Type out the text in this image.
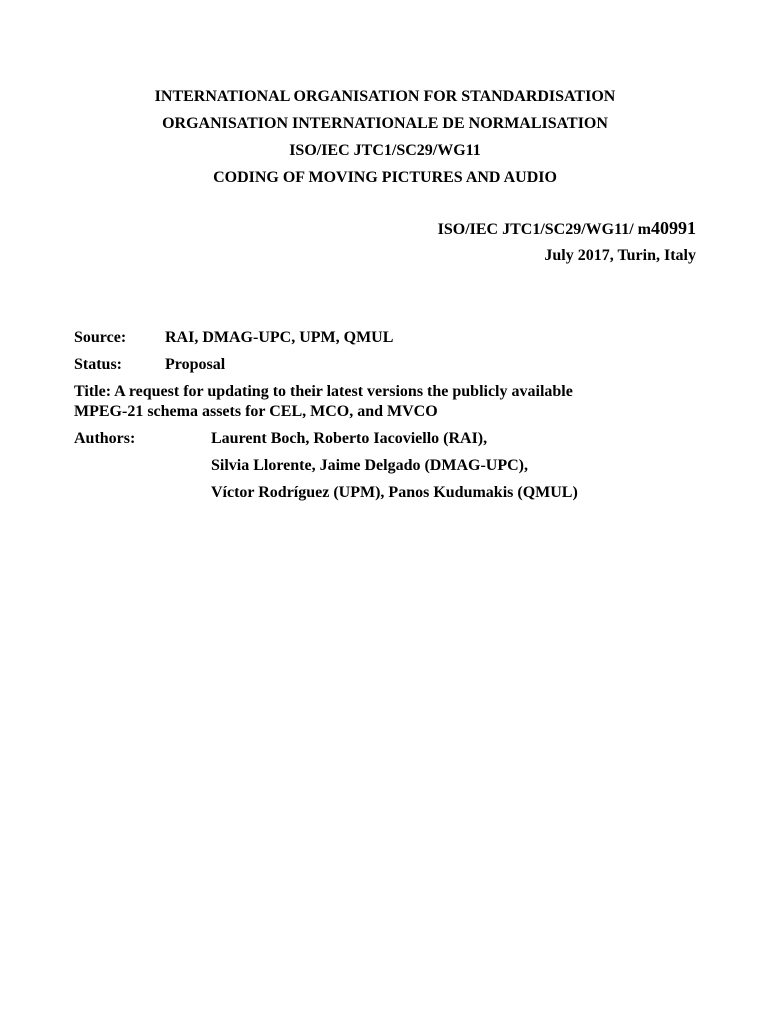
INTERNATIONAL ORGANISATION FOR STANDARDISATION
ORGANISATION INTERNATIONALE DE NORMALISATION
ISO/IEC JTC1/SC29/WG11
CODING OF MOVING PICTURES AND AUDIO
ISO/IEC JTC1/SC29/WG11/ m40991
July 2017, Turin, Italy
Source: RAI, DMAG-UPC, UPM, QMUL
Status:	Proposal
Title: A request for updating to their latest versions the publicly available
MPEG-21 schema assets for CEL, MCO, and MVCO
Authors:	Laurent Boch, Roberto Iacoviello (RAI),
Silvia Llorente, Jaime Delgado (DMAG-UPC),
Víctor Rodríguez (UPM), Panos Kudumakis (QMUL)
